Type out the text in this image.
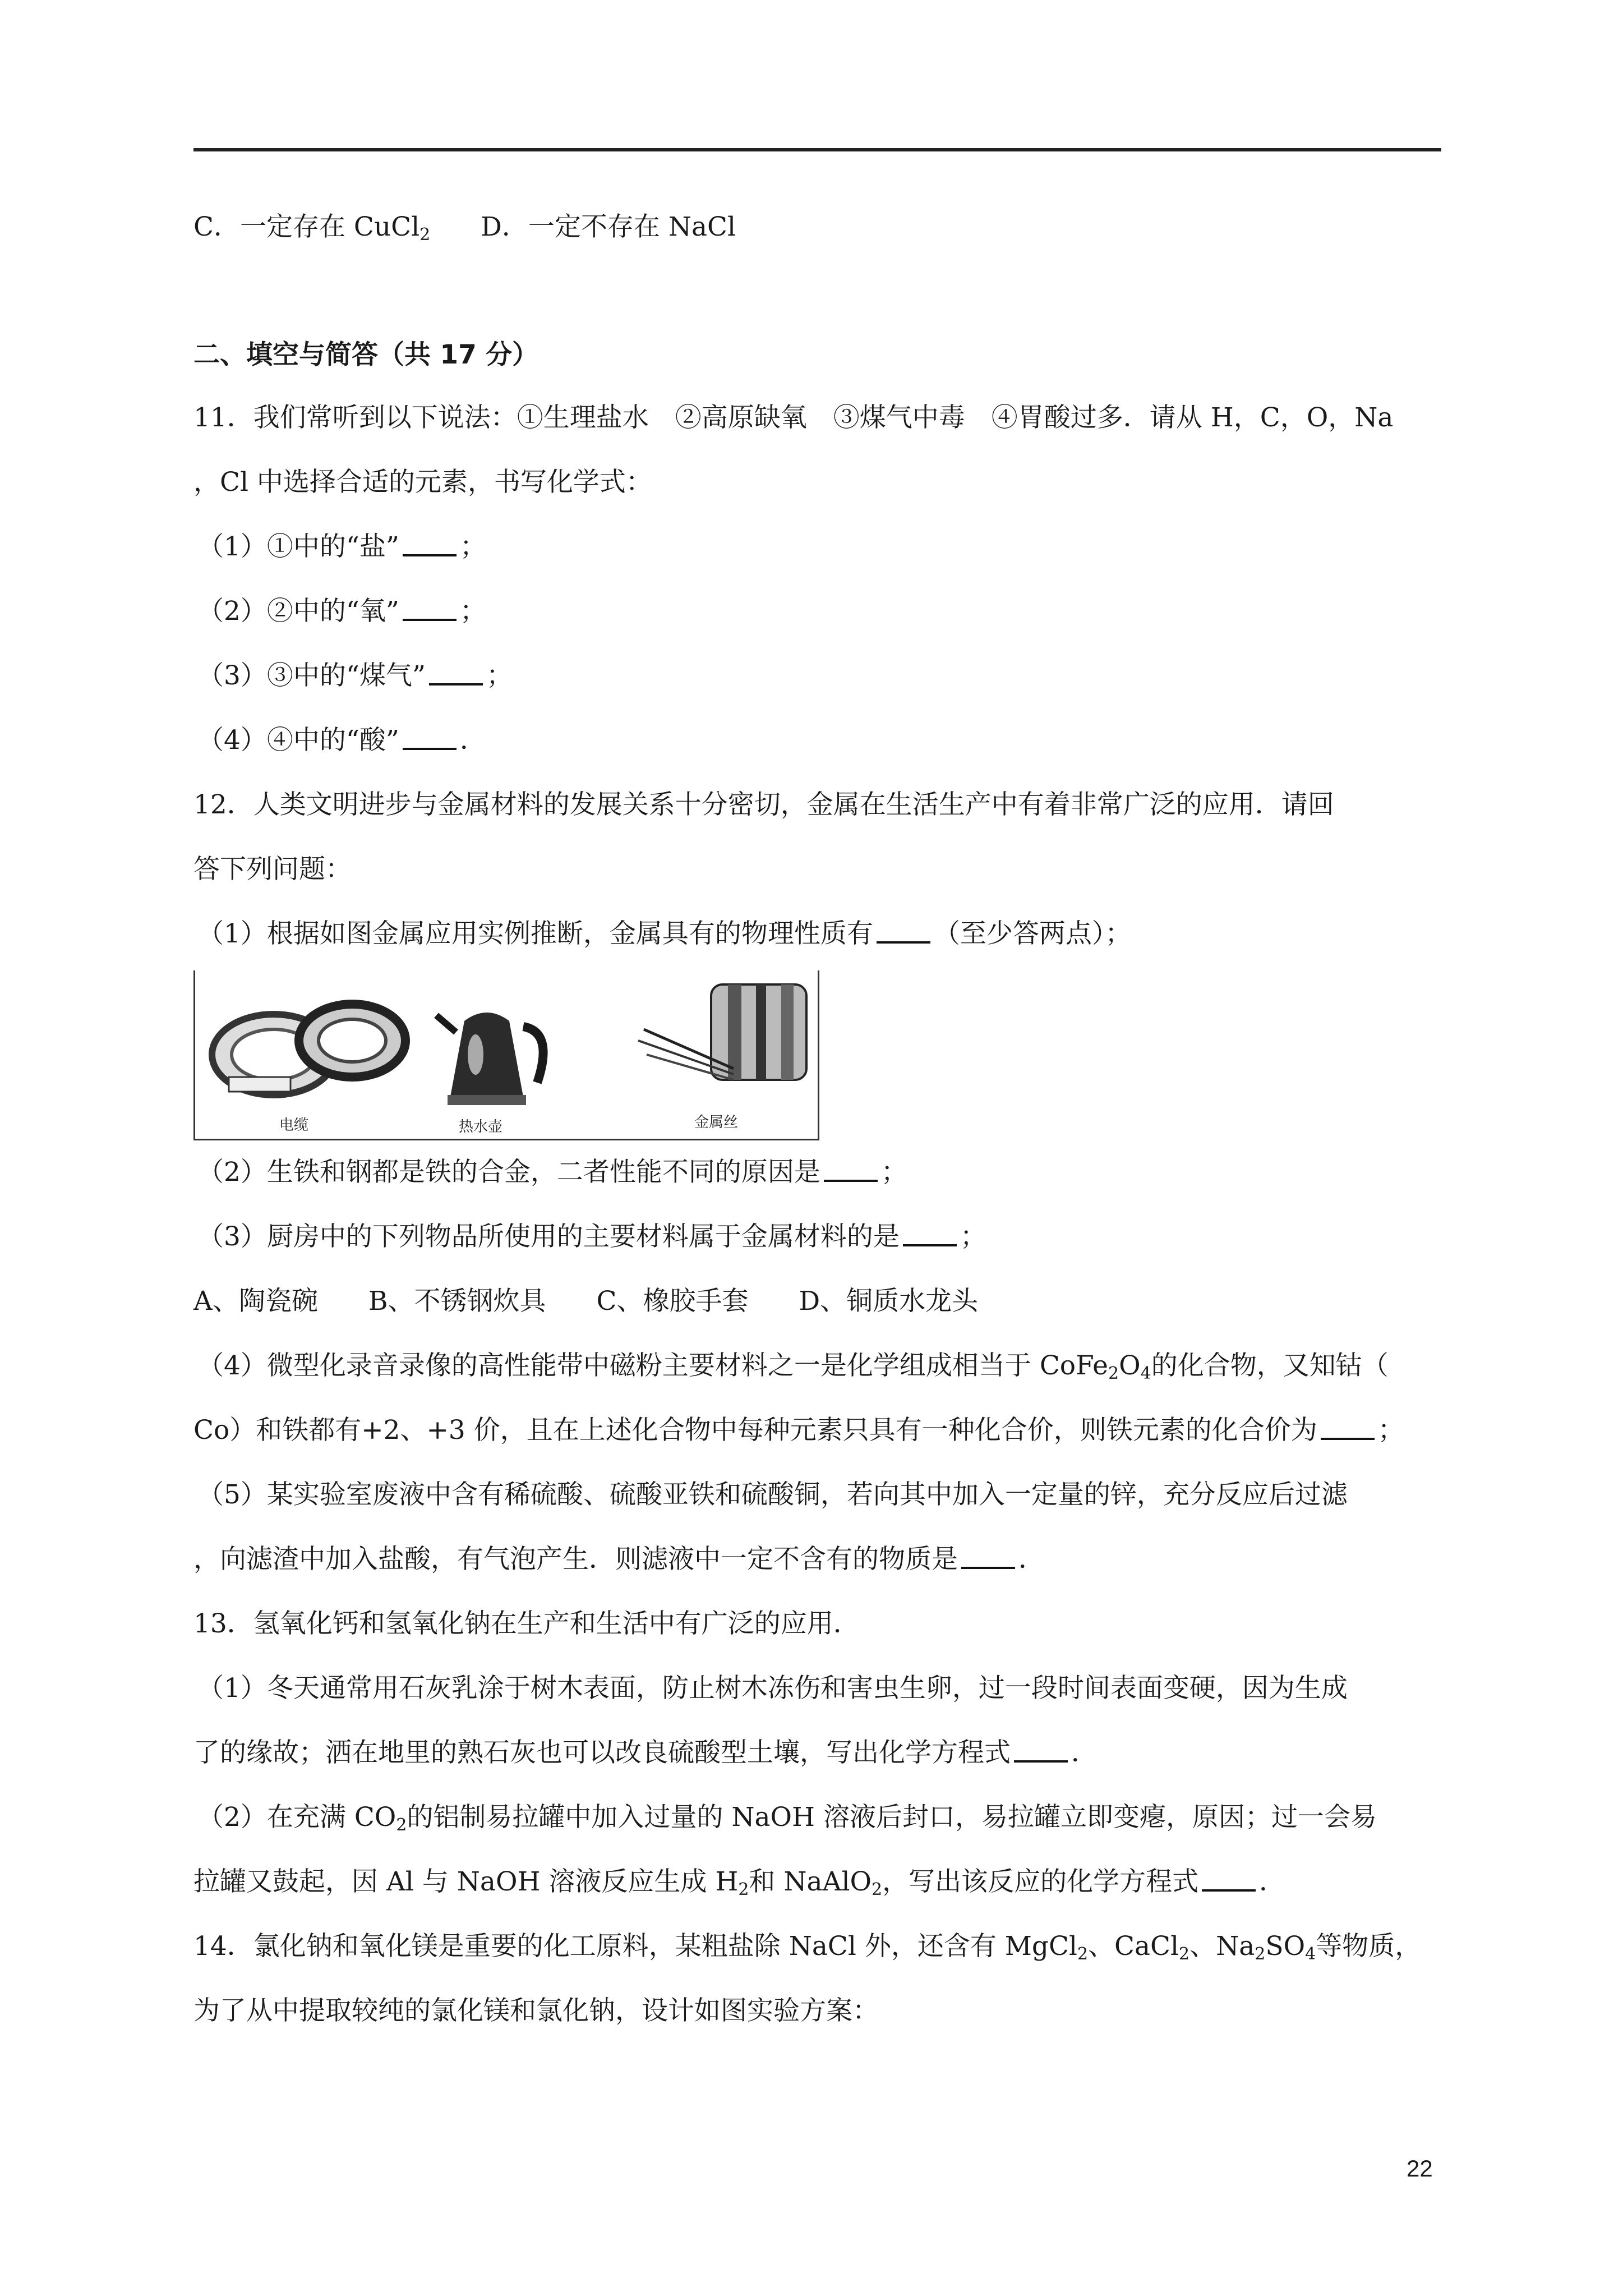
C．一定存在 CuCl$_2$ D．一定不存在 NaCl
二、填空与简答（共 17 分）
11．我们常听到以下说法：①生理盐水　②高原缺氧　③煤气中毒　④胃酸过多．请从 H，C，O，Na
，Cl 中选择合适的元素，书写化学式：
（1）①中的“盐” ；
（2）②中的“氧” ；
（3）③中的“煤气” ；
（4）④中的“酸” ．
12．人类文明进步与金属材料的发展关系十分密切，金属在生活生产中有着非常广泛的应用．请回
答下列问题：
（1）根据如图金属应用实例推断，金属具有的物理性质有 （至少答两点）；
电缆	热水壶	金属丝
（2）生铁和钢都是铁的合金，二者性能不同的原因是 ；
（3）厨房中的下列物品所使用的主要材料属于金属材料的是 ；
A、陶瓷碗 B、不锈钢炊具 C、橡胶手套 D、铜质水龙头
（4）微型化录音录像的高性能带中磁粉主要材料之一是化学组成相当于 $CoFe_2O_4$的化合物，又知钴（
Co）和铁都有+2、+3 价，且在上述化合物中每种元素只具有一种化合价，则铁元素的化合价为 ；
（5）某实验室废液中含有稀硫酸、硫酸亚铁和硫酸铜，若向其中加入一定量的锌，充分反应后过滤
，向滤渣中加入盐酸，有气泡产生．则滤液中一定不含有的物质是 ．
13．氢氧化钙和氢氧化钠在生产和生活中有广泛的应用．
（1）冬天通常用石灰乳涂于树木表面，防止树木冻伤和害虫生卵，过一段时间表面变硬，因为生成
了的缘故；洒在地里的熟石灰也可以改良硫酸型土壤，写出化学方程式 ．
（2）在充满 $CO_2$的铝制易拉罐中加入过量的 NaOH 溶液后封口，易拉罐立即变瘪，原因；过一会易
拉罐又鼓起，因 Al 与 NaOH 溶液反应生成 $H_2$和 NaAlO$_2$，写出该反应的化学方程式 ．
14．氯化钠和氧化镁是重要的化工原料，某粗盐除 NaCl 外，还含有 MgCl$_2$、CaCl$_2$、$Na_2SO_4$等物质，
为了从中提取较纯的氯化镁和氯化钠，设计如图实验方案：
22
